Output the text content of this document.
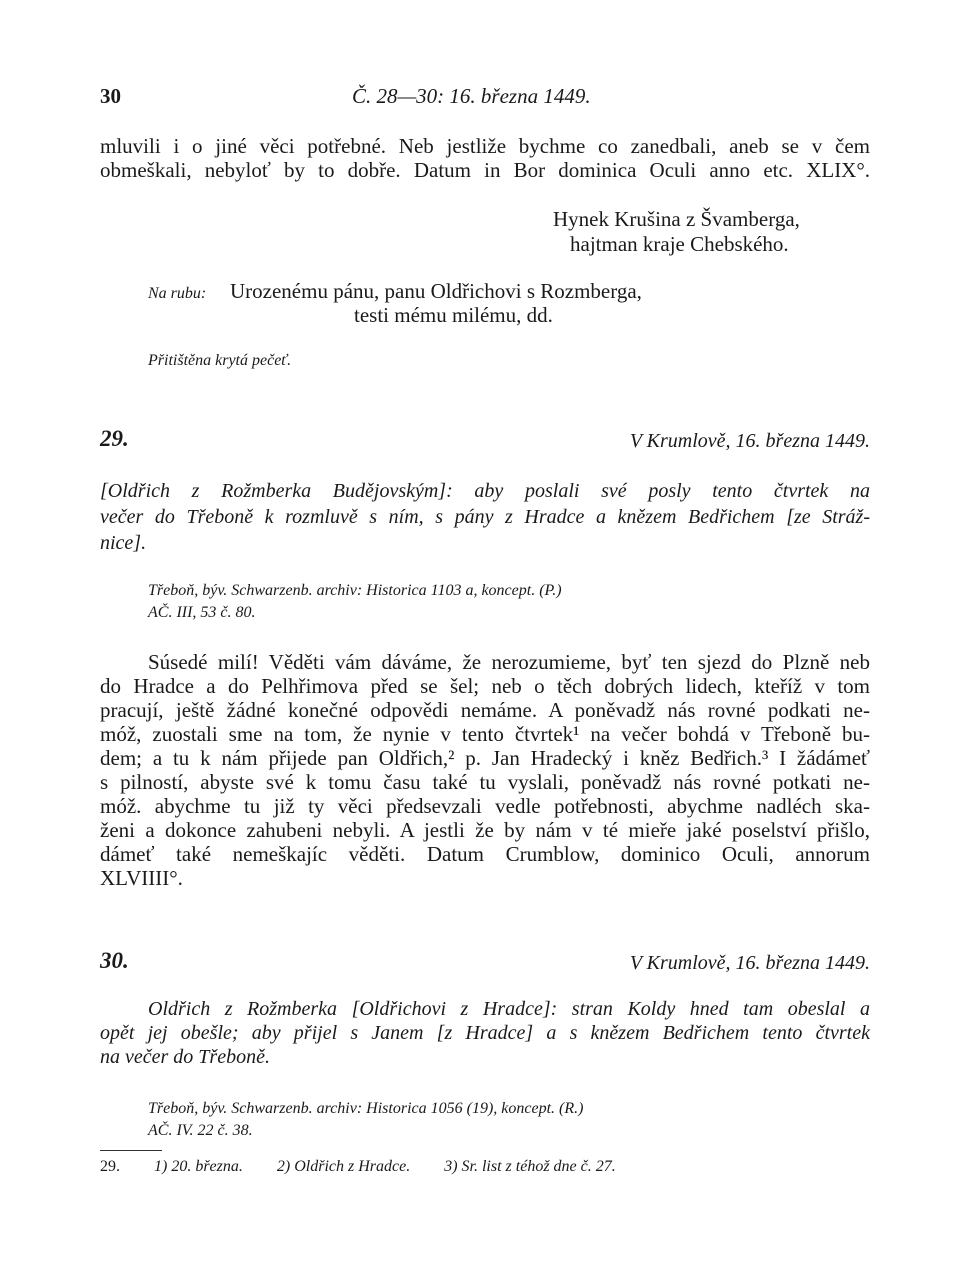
30	Č. 28—30: 16. března 1449.
mluvili i o jiné věci potřebné. Neb jestliže bychme co zanedbali, aneb se v čem
obmeškali, nebyloť by to dobře. Datum in Bor dominica Oculi anno etc. XLIX°.
Hynek Krušina z Švamberga,
hajtman kraje Chebského.
Na rubu: Urozenému pánu, panu Oldřichovi s Rozmberga,
testi mému milému, dd.
Přitištěna krytá pečeť.
29.	V Krumlově, 16. března 1449.
[Oldřich z Rožmberka Budějovským]: aby poslali své posly tento čtvrtek na
večer do Třeboně k rozmluvě s ním, s pány z Hradce a knězem Bedřichem [ze Stráž-
nice].
Třeboň, býv. Schwarzenb. archiv: Historica 1103 a, koncept. (P.)
AČ. III, 53 č. 80.
Súsedé milí! Věděti vám dáváme, že nerozumieme, byť ten sjezd do Plzně neb
do Hradce a do Pelhřimova před se šel; neb o těch dobrých lidech, kteříž v tom
pracují, ještě žádné konečné odpovědi nemáme. A poněvadž nás rovné podkati ne-
móž, zuostali sme na tom, že nynie v tento čtvrtek¹ na večer bohdá v Třeboně bu-
dem; a tu k nám přijede pan Oldřich,² p. Jan Hradecký i kněz Bedřich.³ I žádámeť
s pilností, abyste své k tomu času také tu vyslali, poněvadž nás rovné potkati ne-
móž. abychme tu již ty věci předsevzali vedle potřebnosti, abychme nadléch ska-
ženi a dokonce zahubeni nebyli. A jestli že by nám v té mieře jaké poselství přišlo,
dámeť také nemeškajíc věděti. Datum Crumblow, dominico Oculi, annorum
XLVIIII°.
30.	V Krumlově, 16. března 1449.
Oldřich z Rožmberka [Oldřichovi z Hradce]: stran Koldy hned tam obeslal a
opět jej obešle; aby přijel s Janem [z Hradce] a s knězem Bedřichem tento čtvrtek
na večer do Třeboně.
Třeboň, býv. Schwarzenb. archiv: Historica 1056 (19), koncept. (R.)
AČ. IV. 22 č. 38.
29. 1) 20. března. 2) Oldřich z Hradce. 3) Sr. list z téhož dne č. 27.
